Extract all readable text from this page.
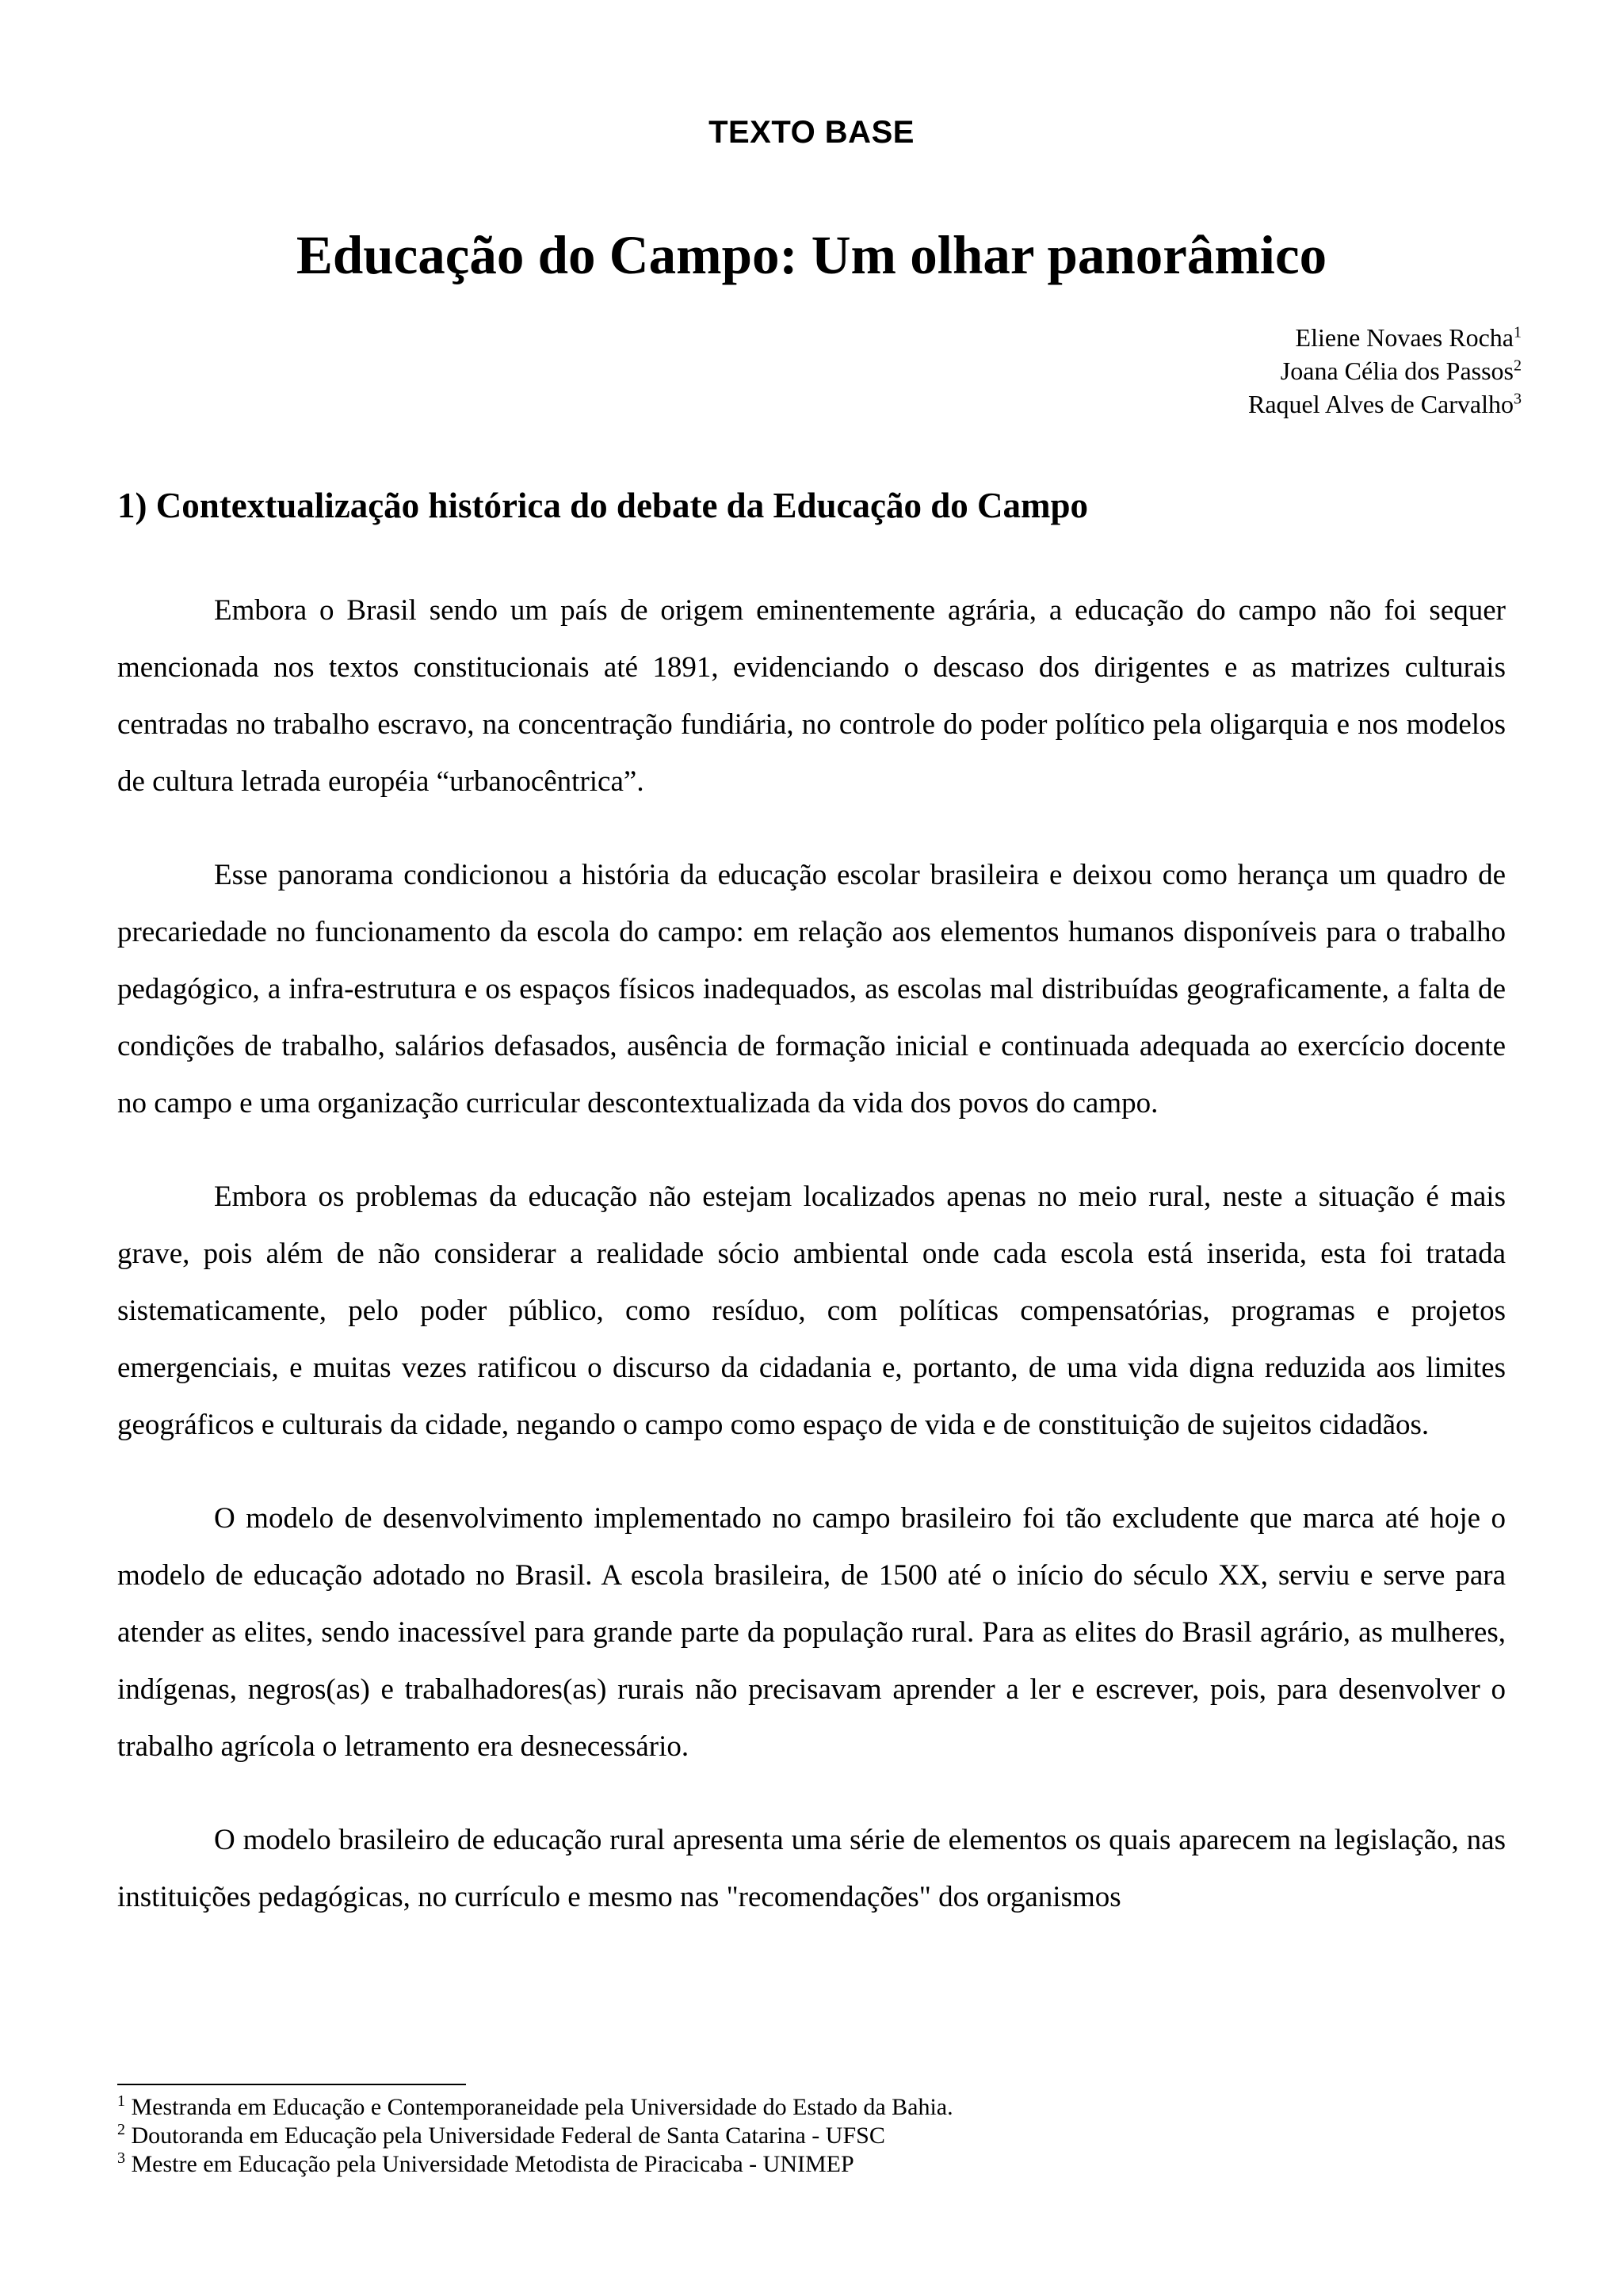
TEXTO BASE
Educação do Campo: Um olhar panorâmico
Eliene Novaes Rocha$^1$
Joana Célia dos Passos$^2$
Raquel Alves de Carvalho$^3$
1) Contextualização histórica do debate da Educação do Campo

Embora o Brasil sendo um país de origem eminentemente agrária, a educação do campo não foi sequer mencionada nos textos constitucionais até 1891, evidenciando o descaso dos dirigentes e as matrizes culturais centradas no trabalho escravo, na concentração fundiária, no controle do poder político pela oligarquia e nos modelos de cultura letrada européia “urbanocêntrica”.

Esse panorama condicionou a história da educação escolar brasileira e deixou como herança um quadro de precariedade no funcionamento da escola do campo: em relação aos elementos humanos disponíveis para o trabalho pedagógico, a infra-estrutura e os espaços físicos inadequados, as escolas mal distribuídas geograficamente, a falta de condições de trabalho, salários defasados, ausência de formação inicial e continuada adequada ao exercício docente no campo e uma organização curricular descontextualizada da vida dos povos do campo.

Embora os problemas da educação não estejam localizados apenas no meio rural, neste a situação é mais grave, pois além de não considerar a realidade sócio ambiental onde cada escola está inserida, esta foi tratada sistematicamente, pelo poder público, como resíduo, com políticas compensatórias, programas e projetos emergenciais, e muitas vezes ratificou o discurso da cidadania e, portanto, de uma vida digna reduzida aos limites geográficos e culturais da cidade, negando o campo como espaço de vida e de constituição de sujeitos cidadãos.

O modelo de desenvolvimento implementado no campo brasileiro foi tão excludente que marca até hoje o modelo de educação adotado no Brasil. A escola brasileira, de 1500 até o início do século XX, serviu e serve para atender as elites, sendo inacessível para grande parte da população rural. Para as elites do Brasil agrário, as mulheres, indígenas, negros(as) e trabalhadores(as) rurais não precisavam aprender a ler e escrever, pois, para desenvolver o trabalho agrícola o letramento era desnecessário.

O modelo brasileiro de educação rural apresenta uma série de elementos os quais aparecem na legislação, nas instituições pedagógicas, no currículo e mesmo nas "recomendações" dos organismos

$^1$ Mestranda em Educação e Contemporaneidade pela Universidade do Estado da Bahia.
$^2$ Doutoranda em Educação pela Universidade Federal de Santa Catarina - UFSC
$^3$ Mestre em Educação pela Universidade Metodista de Piracicaba - UNIMEP
